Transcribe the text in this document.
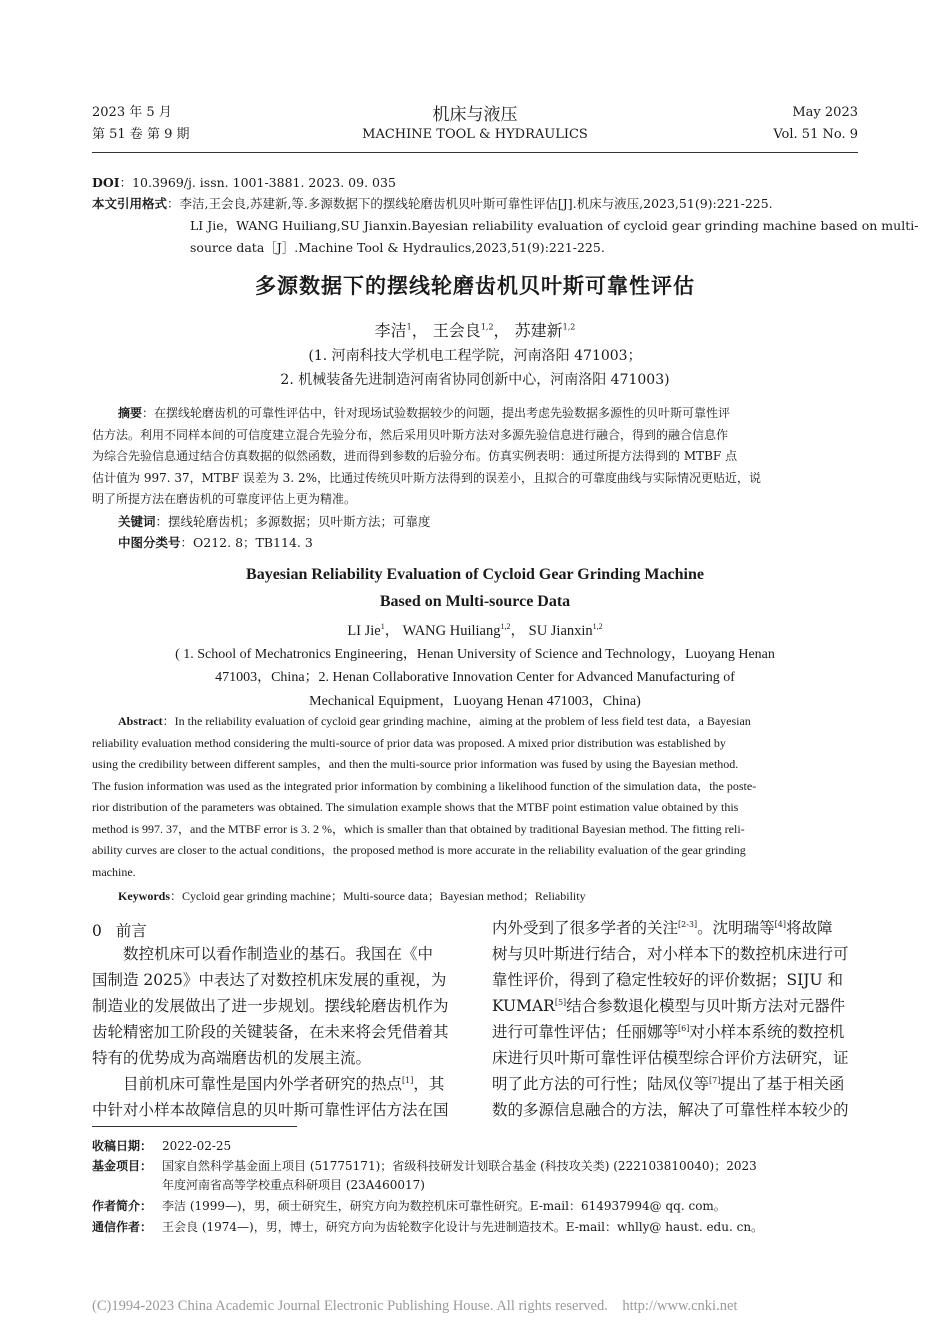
2023 年 5 月
第 51 卷 第 9 期
机床与液压
MACHINE TOOL & HYDRAULICS
May 2023
Vol. 51 No. 9
DOI：10.3969/j. issn. 1001-3881. 2023. 09. 035
本文引用格式：李洁,王会良,苏建新,等.多源数据下的摆线轮磨齿机贝叶斯可靠性评估[J].机床与液压,2023,51(9):221-225.
LI Jie，WANG Huiliang,SU Jianxin.Bayesian reliability evaluation of cycloid gear grinding machine based on multi-
source data［J］.Machine Tool & Hydraulics,2023,51(9):221-225.
多源数据下的摆线轮磨齿机贝叶斯可靠性评估
李洁$^1$， 王会良$^{1,2}$， 苏建新$^{1,2}$
(1. 河南科技大学机电工程学院，河南洛阳 471003；
2. 机械装备先进制造河南省协同创新中心，河南洛阳 471003)
摘要：在摆线轮磨齿机的可靠性评估中，针对现场试验数据较少的问题，提出考虑先验数据多源性的贝叶斯可靠性评
估方法。利用不同样本间的可信度建立混合先验分布，然后采用贝叶斯方法对多源先验信息进行融合，得到的融合信息作
为综合先验信息通过结合仿真数据的似然函数，进而得到参数的后验分布。仿真实例表明：通过所提方法得到的 MTBF 点
估计值为 997. 37，MTBF 误差为 3. 2%，比通过传统贝叶斯方法得到的误差小，且拟合的可靠度曲线与实际情况更贴近，说
明了所提方法在磨齿机的可靠度评估上更为精准。
关键词：摆线轮磨齿机；多源数据；贝叶斯方法；可靠度
中图分类号：O212. 8；TB114. 3
Bayesian Reliability Evaluation of Cycloid Gear Grinding Machine
Based on Multi-source Data
LI Jie$^1$， WANG Huiliang$^{1,2}$， SU Jianxin$^{1,2}$
( 1. School of Mechatronics Engineering，Henan University of Science and Technology，Luoyang Henan
471003，China；2. Henan Collaborative Innovation Center for Advanced Manufacturing of
Mechanical Equipment，Luoyang Henan 471003，China)
Abstract：In the reliability evaluation of cycloid gear grinding machine，aiming at the problem of less field test data，a Bayesian
reliability evaluation method considering the multi-source of prior data was proposed. A mixed prior distribution was established by
using the credibility between different samples，and then the multi-source prior information was fused by using the Bayesian method.
The fusion information was used as the integrated prior information by combining a likelihood function of the simulation data，the poste-
rior distribution of the parameters was obtained. The simulation example shows that the MTBF point estimation value obtained by this
method is 997. 37，and the MTBF error is 3. 2 %，which is smaller than that obtained by traditional Bayesian method. The fitting reli-
ability curves are closer to the actual conditions，the proposed method is more accurate in the reliability evaluation of the gear grinding
machine.
Keywords：Cycloid gear grinding machine；Multi-source data；Bayesian method；Reliability
0 前言
数控机床可以看作制造业的基石。我国在《中
国制造 2025》中表达了对数控机床发展的重视，为
制造业的发展做出了进一步规划。摆线轮磨齿机作为
齿轮精密加工阶段的关键装备，在未来将会凭借着其
特有的优势成为高端磨齿机的发展主流。
目前机床可靠性是国内外学者研究的热点[1]，其
中针对小样本故障信息的贝叶斯可靠性评估方法在国
内外受到了很多学者的关注[2-3]。沈明瑞等[4]将故障
树与贝叶斯进行结合，对小样本下的数控机床进行可
靠性评价，得到了稳定性较好的评价数据；SIJU 和
KUMAR[5]结合参数退化模型与贝叶斯方法对元器件
进行可靠性评估；任丽娜等[6]对小样本系统的数控机
床进行贝叶斯可靠性评估模型综合评价方法研究，证
明了此方法的可行性；陆凤仪等[7]提出了基于相关函
数的多源信息融合的方法，解决了可靠性样本较少的
收稿日期： 2022-02-25
基金项目： 国家自然科学基金面上项目 (51775171)；省级科技研发计划联合基金 (科技攻关类) (222103810040)；2023
年度河南省高等学校重点科研项目 (23A460017)
作者简介： 李洁 (1999—)，男，硕士研究生，研究方向为数控机床可靠性研究。E-mail：614937994@ qq. com。
通信作者： 王会良 (1974—)，男，博士，研究方向为齿轮数字化设计与先进制造技术。E-mail：whlly@ haust. edu. cn。
(C)1994-2023 China Academic Journal Electronic Publishing House. All rights reserved.    http://www.cnki.net
